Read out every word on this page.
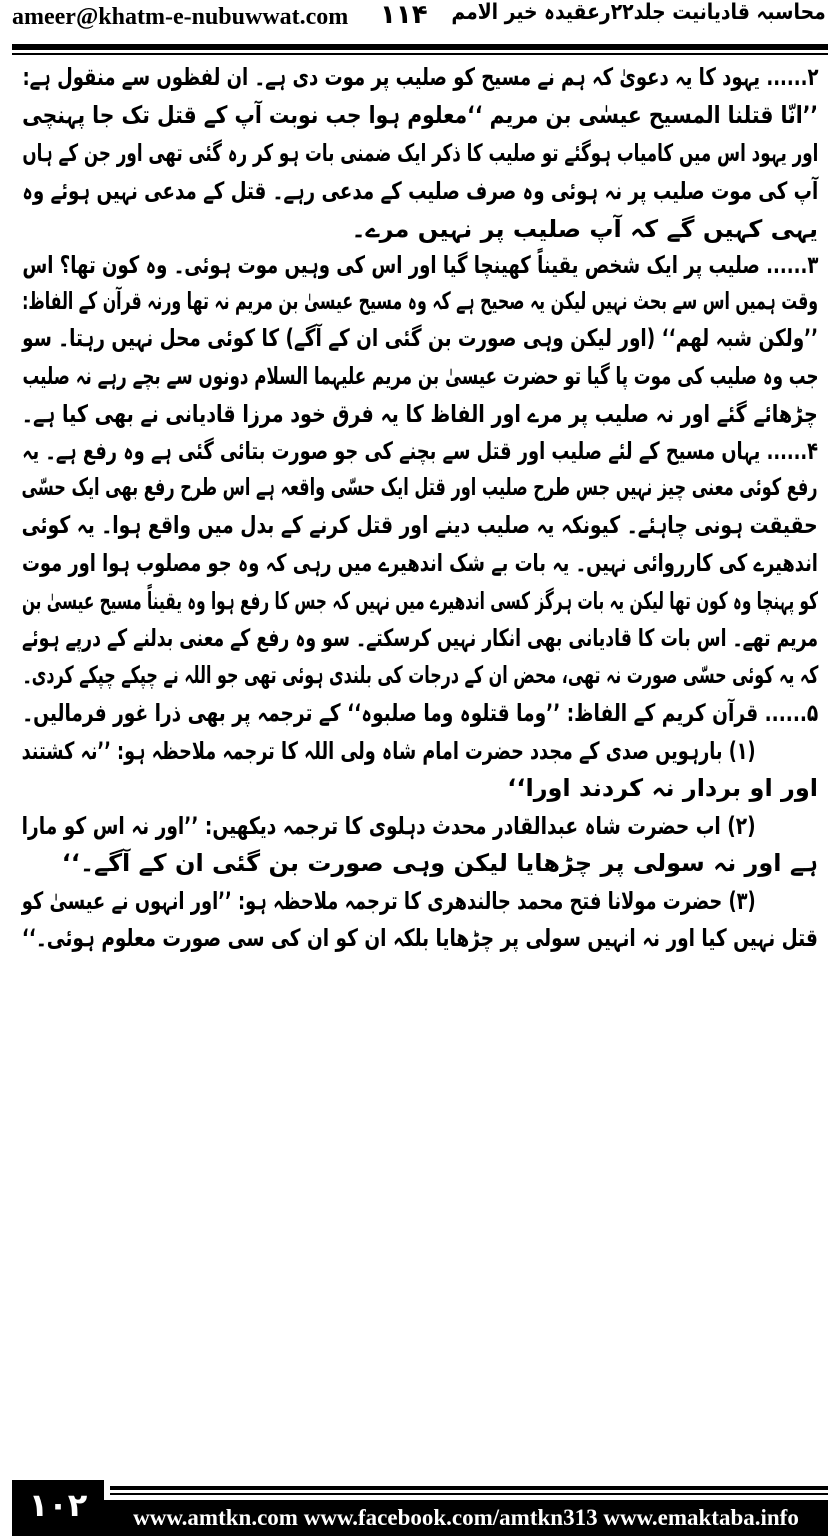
ameer@khatm-e-nubuwwat.com ۱۱۴ محاسبہ قادیانیت جلد۲۲رعقیدہ خیر الامم
۲...... یہود کا یہ دعویٰ کہ ہم نے مسیح کو صلیب پر موت دی ہے۔ ان لفظوں سے منقول ہے:
’’انّا قتلنا المسیح عیسٰی بن مریم ‘‘معلوم ہوا جب نوبت آپ کے قتل تک جا پہنچی
اور یہود اس میں کامیاب ہوگئے تو صلیب کا ذکر ایک ضمنی بات ہو کر رہ گئی تھی اور جن کے ہاں
آپ کی موت صلیب پر نہ ہوئی وہ صرف صلیب کے مدعی رہے۔ قتل کے مدعی نہیں ہوئے وہ
یہی کہیں گے کہ آپ صلیب پر نہیں مرے۔
۳...... صلیب پر ایک شخص یقیناً کھینچا گیا اور اس کی وہیں موت ہوئی۔ وہ کون تھا؟ اس
وقت ہمیں اس سے بحث نہیں لیکن یہ صحیح ہے کہ وہ مسیح عیسیٰ بن مریم نہ تھا ورنہ قرآن کے الفاظ:
’’ولکن شبہ لھم‘‘ (اور لیکن وہی صورت بن گئی ان کے آگے) کا کوئی محل نہیں رہتا۔ سو
جب وہ صلیب کی موت پا گیا تو حضرت عیسیٰ بن مریم علیہما السلام دونوں سے بچے رہے نہ صلیب
چڑھائے گئے اور نہ صلیب پر مرے اور الفاظ کا یہ فرق خود مرزا قادیانی نے بھی کیا ہے۔
۴...... یہاں مسیح کے لئے صلیب اور قتل سے بچنے کی جو صورت بتائی گئی ہے وہ رفع ہے۔ یہ
رفع کوئی معنی چیز نہیں جس طرح صلیب اور قتل ایک حسّی واقعہ ہے اس طرح رفع بھی ایک حسّی
حقیقت ہونی چاہئے۔ کیونکہ یہ صلیب دینے اور قتل کرنے کے بدل میں واقع ہوا۔ یہ کوئی
اندھیرے کی کارروائی نہیں۔ یہ بات بے شک اندھیرے میں رہی کہ وہ جو مصلوب ہوا اور موت
کو پہنچا وہ کون تھا لیکن یہ بات ہرگز کسی اندھیرے میں نہیں کہ جس کا رفع ہوا وہ یقیناً مسیح عیسیٰ بن
مریم تھے۔ اس بات کا قادیانی بھی انکار نہیں کرسکتے۔ سو وہ رفع کے معنی بدلنے کے درپے ہوئے
کہ یہ کوئی حسّی صورت نہ تھی، محض ان کے درجات کی بلندی ہوئی تھی جو اللہ نے چپکے چپکے کردی۔
۵...... قرآن کریم کے الفاظ: ’’وما قتلوہ وما صلبوہ‘‘ کے ترجمہ پر بھی ذرا غور فرمالیں۔
(۱) بارہویں صدی کے مجدد حضرت امام شاہ ولی اللہ کا ترجمہ ملاحظہ ہو: ’’نہ کشتند
اور او بردار نہ کردند اورا‘‘
(۲) اب حضرت شاہ عبدالقادر محدث دہلوی کا ترجمہ دیکھیں: ’’اور نہ اس کو مارا
ہے اور نہ سولی پر چڑھایا لیکن وہی صورت بن گئی ان کے آگے۔‘‘
(۳) حضرت مولانا فتح محمد جالندھری کا ترجمہ ملاحظہ ہو: ’’اور انہوں نے عیسیٰ کو
قتل نہیں کیا اور نہ انہیں سولی پر چڑھایا بلکہ ان کو ان کی سی صورت معلوم ہوئی۔‘‘
۱۰۲	www.amtkn.com www.facebook.com/amtkn313 www.emaktaba.info
